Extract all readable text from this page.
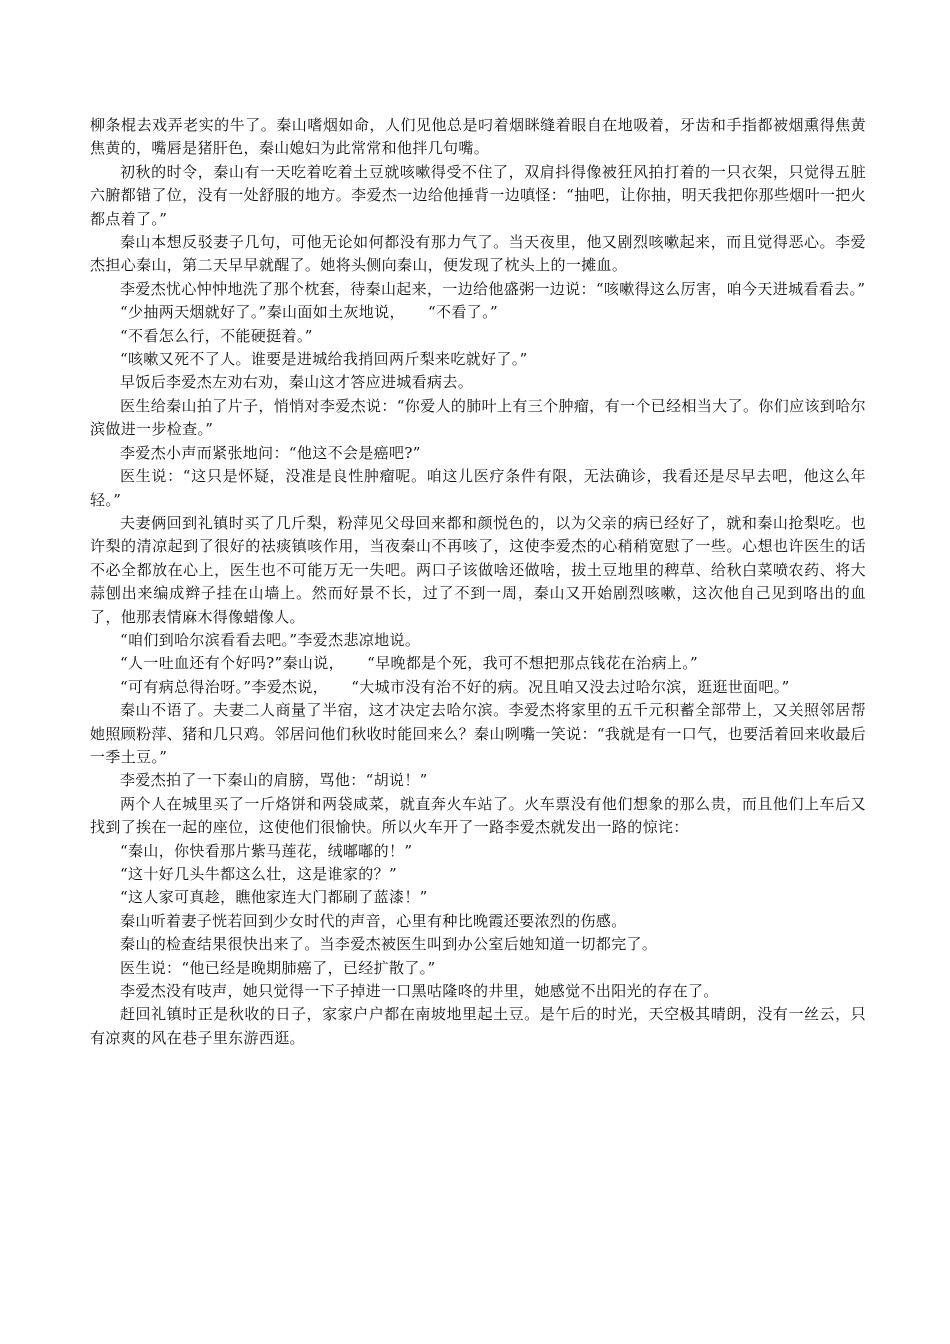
柳条棍去戏弄老实的牛了。秦山嗜烟如命，人们见他总是叼着烟眯缝着眼自在地吸着，牙齿和手指都被烟熏得焦黄焦黄的，嘴唇是猪肝色，秦山媳妇为此常常和他拌几句嘴。

初秋的时令，秦山有一天吃着吃着土豆就咳嗽得受不住了，双肩抖得像被狂风拍打着的一只衣架，只觉得五脏六腑都错了位，没有一处舒服的地方。李爱杰一边给他捶背一边嗔怪：“抽吧，让你抽，明天我把你那些烟叶一把火都点着了。”

秦山本想反驳妻子几句，可他无论如何都没有那力气了。当天夜里，他又剧烈咳嗽起来，而且觉得恶心。李爱杰担心秦山，第二天早早就醒了。她将头侧向秦山，便发现了枕头上的一摊血。

李爱杰忧心忡忡地洗了那个枕套，待秦山起来，一边给他盛粥一边说：“咳嗽得这么厉害，咱今天进城看看去。”

“少抽两天烟就好了。”秦山面如土灰地说，　　“不看了。”

“不看怎么行，不能硬挺着。”

“咳嗽又死不了人。谁要是进城给我捎回两斤梨来吃就好了。”

早饭后李爱杰左劝右劝，秦山这才答应进城看病去。

医生给秦山拍了片子，悄悄对李爱杰说：“你爱人的肺叶上有三个肿瘤，有一个已经相当大了。你们应该到哈尔滨做进一步检查。”

李爱杰小声而紧张地问：“他这不会是癌吧?”

医生说：“这只是怀疑，没准是良性肿瘤呢。咱这儿医疗条件有限，无法确诊，我看还是尽早去吧，他这么年轻。”

夫妻俩回到礼镇时买了几斤梨，粉萍见父母回来都和颜悦色的，以为父亲的病已经好了，就和秦山抢梨吃。也许梨的清凉起到了很好的祛痰镇咳作用，当夜秦山不再咳了，这使李爱杰的心稍稍宽慰了一些。心想也许医生的话不必全都放在心上，医生也不可能万无一失吧。两口子该做啥还做啥，拔土豆地里的稗草、给秋白菜喷农药、将大蒜刨出来编成辫子挂在山墙上。然而好景不长，过了不到一周，秦山又开始剧烈咳嗽，这次他自己见到咯出的血了，他那表情麻木得像蜡像人。

“咱们到哈尔滨看看去吧。”李爱杰悲凉地说。

“人一吐血还有个好吗?”秦山说，　　“早晚都是个死，我可不想把那点钱花在治病上。”

“可有病总得治呀。”李爱杰说，　　“大城市没有治不好的病。况且咱又没去过哈尔滨，逛逛世面吧。”

秦山不语了。夫妻二人商量了半宿，这才决定去哈尔滨。李爱杰将家里的五千元积蓄全部带上，又关照邻居帮她照顾粉萍、猪和几只鸡。邻居问他们秋收时能回来么？秦山咧嘴一笑说：“我就是有一口气，也要活着回来收最后一季土豆。”

李爱杰拍了一下秦山的肩膀，骂他：“胡说！”

两个人在城里买了一斤烙饼和两袋咸菜，就直奔火车站了。火车票没有他们想象的那么贵，而且他们上车后又找到了挨在一起的座位，这使他们很愉快。所以火车开了一路李爱杰就发出一路的惊诧：

“秦山，你快看那片紫马莲花，绒嘟嘟的！”

“这十好几头牛都这么壮，这是谁家的？”

“这人家可真趁，瞧他家连大门都刷了蓝漆！”

秦山听着妻子恍若回到少女时代的声音，心里有种比晚霞还要浓烈的伤感。

秦山的检查结果很快出来了。当李爱杰被医生叫到办公室后她知道一切都完了。

医生说：“他已经是晚期肺癌了，已经扩散了。”

李爱杰没有吱声，她只觉得一下子掉进一口黑咕隆咚的井里，她感觉不出阳光的存在了。

赶回礼镇时正是秋收的日子，家家户户都在南坡地里起土豆。是午后的时光，天空极其晴朗，没有一丝云，只有凉爽的风在巷子里东游西逛。
